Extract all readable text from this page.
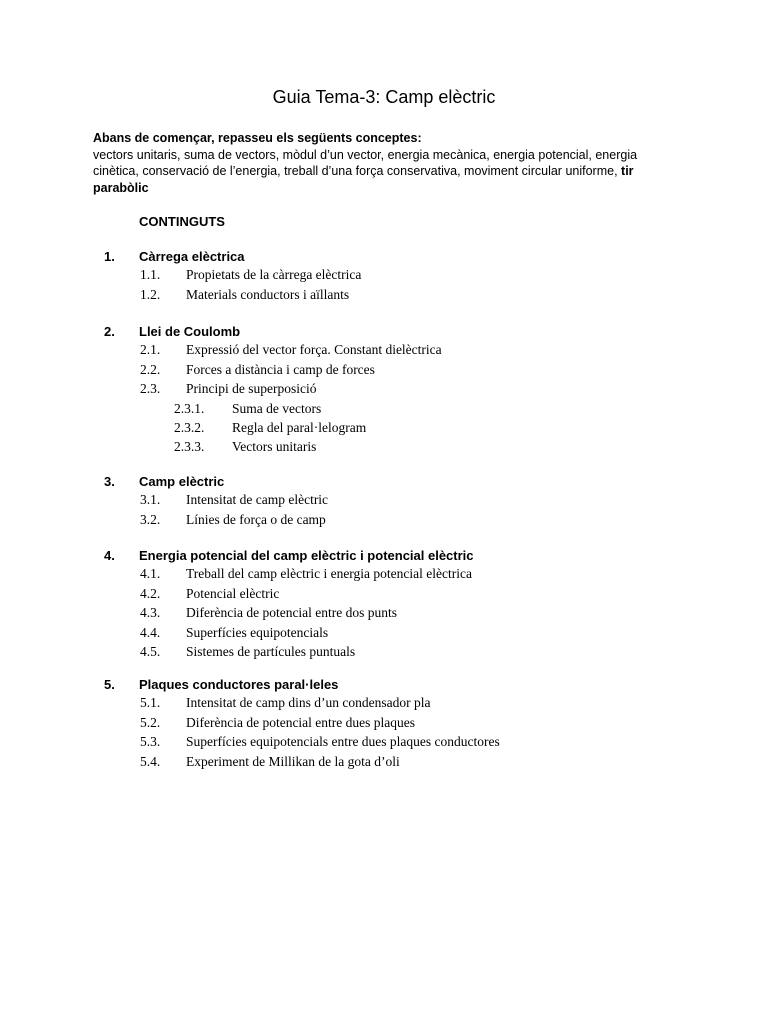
Guia Tema-3: Camp elèctric
Abans de començar, repasseu els següents conceptes:
vectors unitaris, suma de vectors, mòdul d’un vector, energia mecànica, energia potencial, energia cinètica, conservació de l’energia, treball d’una força conservativa, moviment circular uniforme, tir parabòlic
CONTINGUTS
1. Càrrega elèctrica
1.1. Propietats de la càrrega elèctrica
1.2. Materials conductors i aïllants
2. Llei de Coulomb
2.1. Expressió del vector força. Constant dielèctrica
2.2. Forces a distància i camp de forces
2.3. Principi de superposició
2.3.1. Suma de vectors
2.3.2. Regla del paral·lelogram
2.3.3. Vectors unitaris
3. Camp elèctric
3.1. Intensitat de camp elèctric
3.2. Línies de força o de camp
4. Energia potencial del camp elèctric i potencial elèctric
4.1. Treball del camp elèctric i energia potencial elèctrica
4.2. Potencial elèctric
4.3. Diferència de potencial entre dos punts
4.4. Superfícies equipotencials
4.5. Sistemes de partícules puntuals
5. Plaques conductores paral·leles
5.1. Intensitat de camp dins d’un condensador pla
5.2. Diferència de potencial entre dues plaques
5.3. Superfícies equipotencials entre dues plaques conductores
5.4. Experiment de Millikan de la gota d’oli
